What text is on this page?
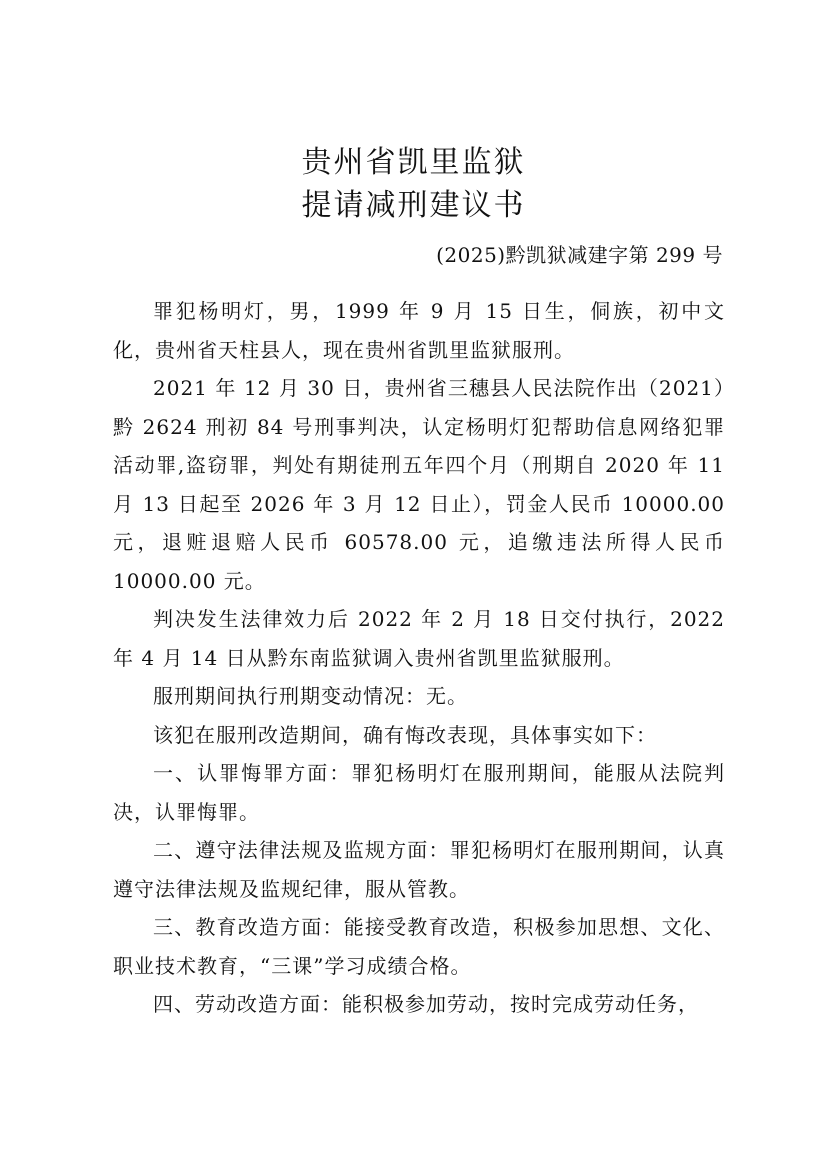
贵州省凯里监狱
提请减刑建议书
(2025)黔凯狱减建字第 299 号

罪犯杨明灯，男，1999 年 9 月 15 日生，侗族，初中文化，贵州省天柱县人，现在贵州省凯里监狱服刑。

2021 年 12 月 30 日，贵州省三穗县人民法院作出（2021）黔 2624 刑初 84 号刑事判决，认定杨明灯犯帮助信息网络犯罪活动罪,盗窃罪，判处有期徒刑五年四个月（刑期自 2020 年 11 月 13 日起至 2026 年 3 月 12 日止），罚金人民币 10000.00 元，退赃退赔人民币 60578.00 元，追缴违法所得人民币 10000.00 元。

判决发生法律效力后 2022 年 2 月 18 日交付执行，2022 年 4 月 14 日从黔东南监狱调入贵州省凯里监狱服刑。

服刑期间执行刑期变动情况：无。

该犯在服刑改造期间，确有悔改表现，具体事实如下：

一、认罪悔罪方面：罪犯杨明灯在服刑期间，能服从法院判决，认罪悔罪。

二、遵守法律法规及监规方面：罪犯杨明灯在服刑期间，认真遵守法律法规及监规纪律，服从管教。

三、教育改造方面：能接受教育改造，积极参加思想、文化、职业技术教育，“三课”学习成绩合格。

四、劳动改造方面：能积极参加劳动，按时完成劳动任务，
